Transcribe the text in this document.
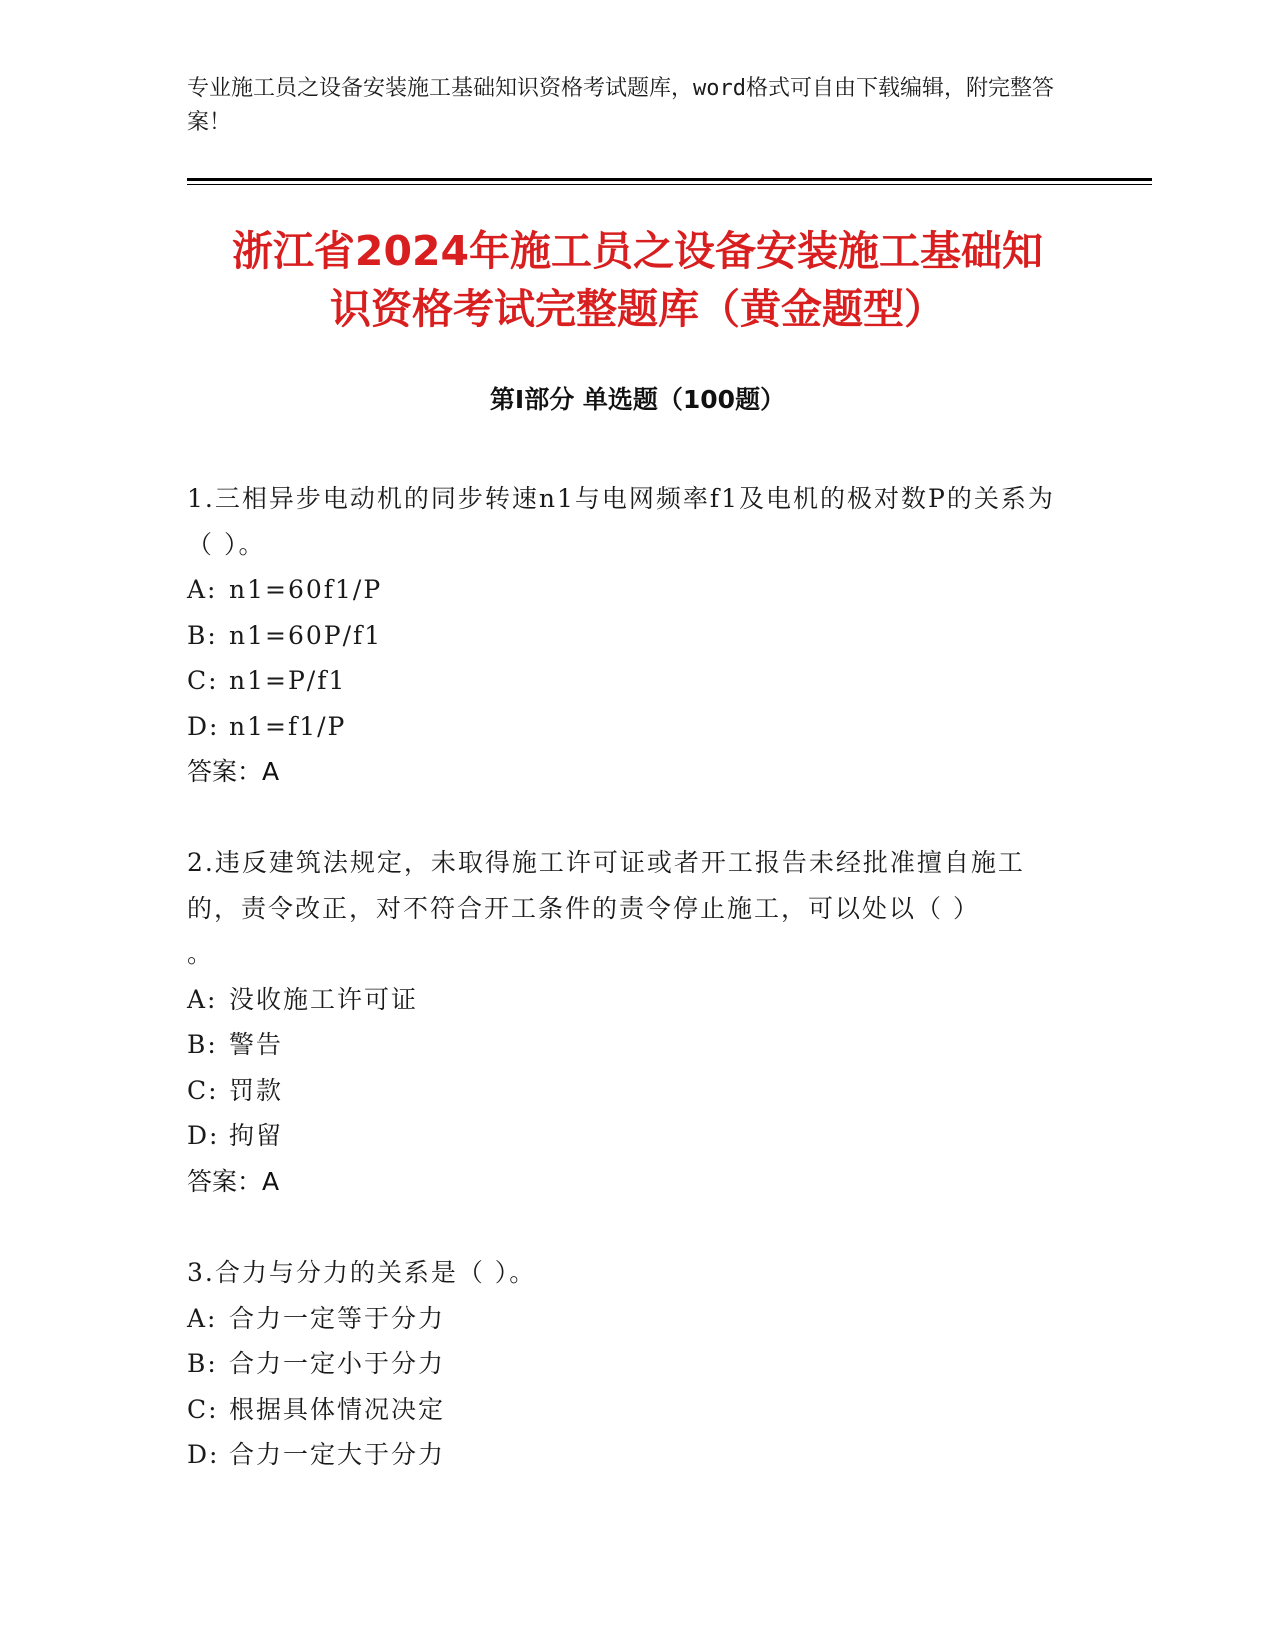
专业施工员之设备安装施工基础知识资格考试题库，word格式可自由下载编辑，附完整答案！

浙江省2024年施工员之设备安装施工基础知
识资格考试完整题库（黄金题型）
第Ⅰ部分 单选题（100题）

1.三相异步电动机的同步转速n1与电网频率f1及电机的极对数P的关系为（ ）。

A: n1=60f1/P

B: n1=60P/f1

C: n1=P/f1

D: n1=f1/P

答案：A

2.违反建筑法规定，未取得施工许可证或者开工报告未经批准擅自施工的，责令改正，对不符合开工条件的责令停止施工，可以处以（ ）
。

A: 没收施工许可证

B: 警告

C: 罚款

D: 拘留

答案：A

3.合力与分力的关系是（ ）。

A: 合力一定等于分力

B: 合力一定小于分力

C: 根据具体情况决定

D: 合力一定大于分力
